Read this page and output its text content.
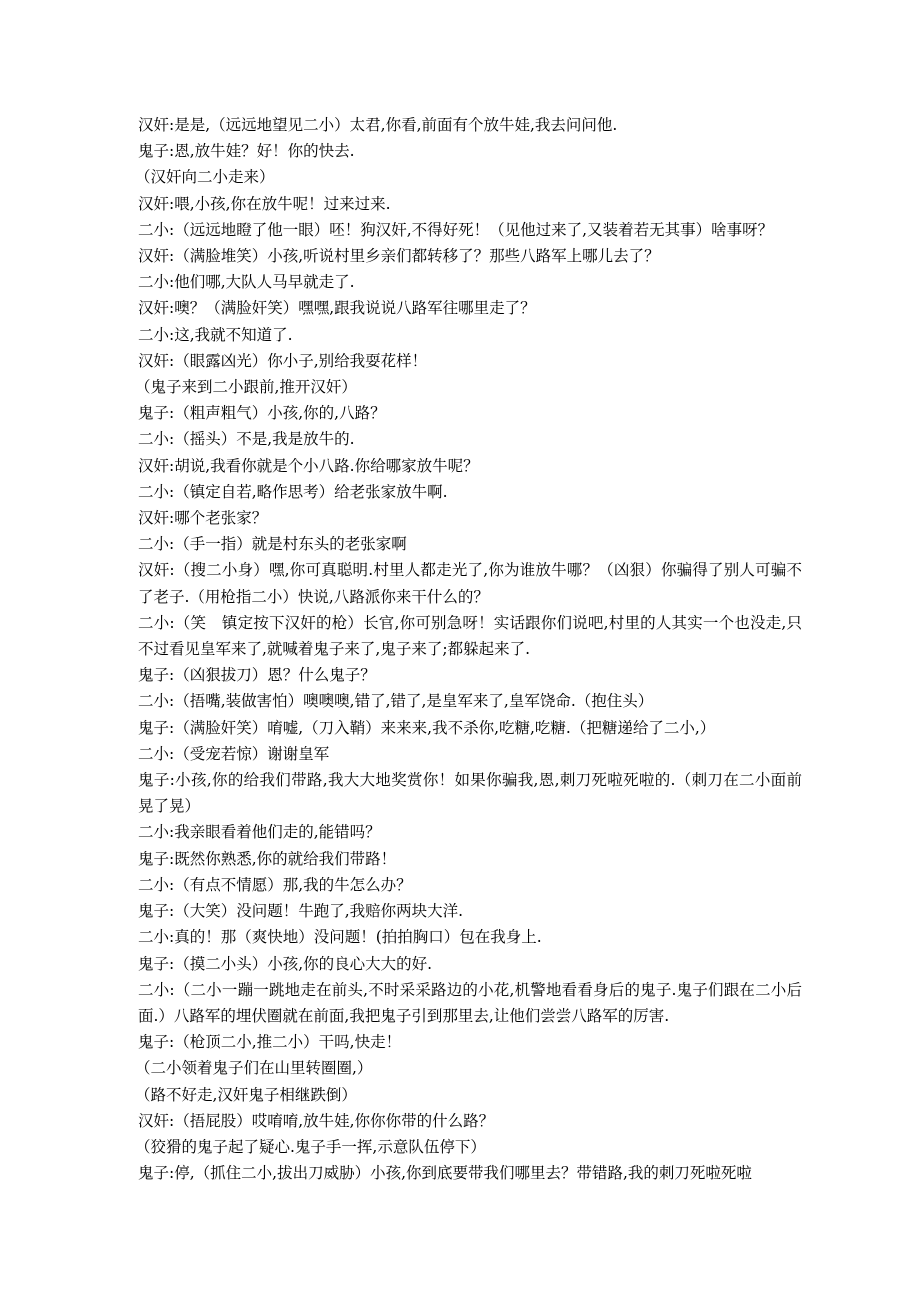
汉奸:是是,（远远地望见二小）太君,你看,前面有个放牛娃,我去问问他.

鬼子:恩,放牛娃？好！你的快去.

（汉奸向二小走来）

汉奸:喂,小孩,你在放牛呢！过来过来.

二小:（远远地瞪了他一眼）呸！狗汉奸,不得好死！（见他过来了,又装着若无其事）啥事呀？

汉奸:（满脸堆笑）小孩,听说村里乡亲们都转移了？那些八路军上哪儿去了？

二小:他们哪,大队人马早就走了.

汉奸:噢？（满脸奸笑）嘿嘿,跟我说说八路军往哪里走了？

二小:这,我就不知道了.

汉奸:（眼露凶光）你小子,别给我耍花样！

（鬼子来到二小跟前,推开汉奸）

鬼子:（粗声粗气）小孩,你的,八路？

二小:（摇头）不是,我是放牛的.

汉奸:胡说,我看你就是个小八路.你给哪家放牛呢？

二小:（镇定自若,略作思考）给老张家放牛啊.

汉奸:哪个老张家？

二小:（手一指）就是村东头的老张家啊

汉奸:（搜二小身）嘿,你可真聪明.村里人都走光了,你为谁放牛哪？（凶狠）你骗得了别人可骗不了老子.（用枪指二小）快说,八路派你来干什么的？

二小:（笑　镇定按下汉奸的枪）长官,你可别急呀！实话跟你们说吧,村里的人其实一个也没走,只不过看见皇军来了,就喊着鬼子来了,鬼子来了;都躲起来了.

鬼子:（凶狠拔刀）恩？什么鬼子？

二小:（捂嘴,装做害怕）噢噢噢,错了,错了,是皇军来了,皇军饶命.（抱住头）

鬼子:（满脸奸笑）唷嘘,（刀入鞘）来来来,我不杀你,吃糖,吃糖.（把糖递给了二小,）

二小:（受宠若惊）谢谢皇军

鬼子:小孩,你的给我们带路,我大大地奖赏你！如果你骗我,恩,刺刀死啦死啦的.（刺刀在二小面前晃了晃）

二小:我亲眼看着他们走的,能错吗？

鬼子:既然你熟悉,你的就给我们带路！

二小:（有点不情愿）那,我的牛怎么办？

鬼子:（大笑）没问题！牛跑了,我赔你两块大洋.

二小:真的！那（爽快地）没问题！(拍拍胸口）包在我身上.

鬼子:（摸二小头）小孩,你的良心大大的好.

二小:（二小一蹦一跳地走在前头,不时采采路边的小花,机警地看看身后的鬼子.鬼子们跟在二小后面.）八路军的埋伏圈就在前面,我把鬼子引到那里去,让他们尝尝八路军的厉害.

鬼子:（枪顶二小,推二小）干吗,快走！

（二小领着鬼子们在山里转圈圈,）

（路不好走,汉奸鬼子相继跌倒）

汉奸:（捂屁股）哎唷唷,放牛娃,你你你带的什么路？

（狡猾的鬼子起了疑心.鬼子手一挥,示意队伍停下）

鬼子:停,（抓住二小,拔出刀威胁）小孩,你到底要带我们哪里去？带错路,我的刺刀死啦死啦
